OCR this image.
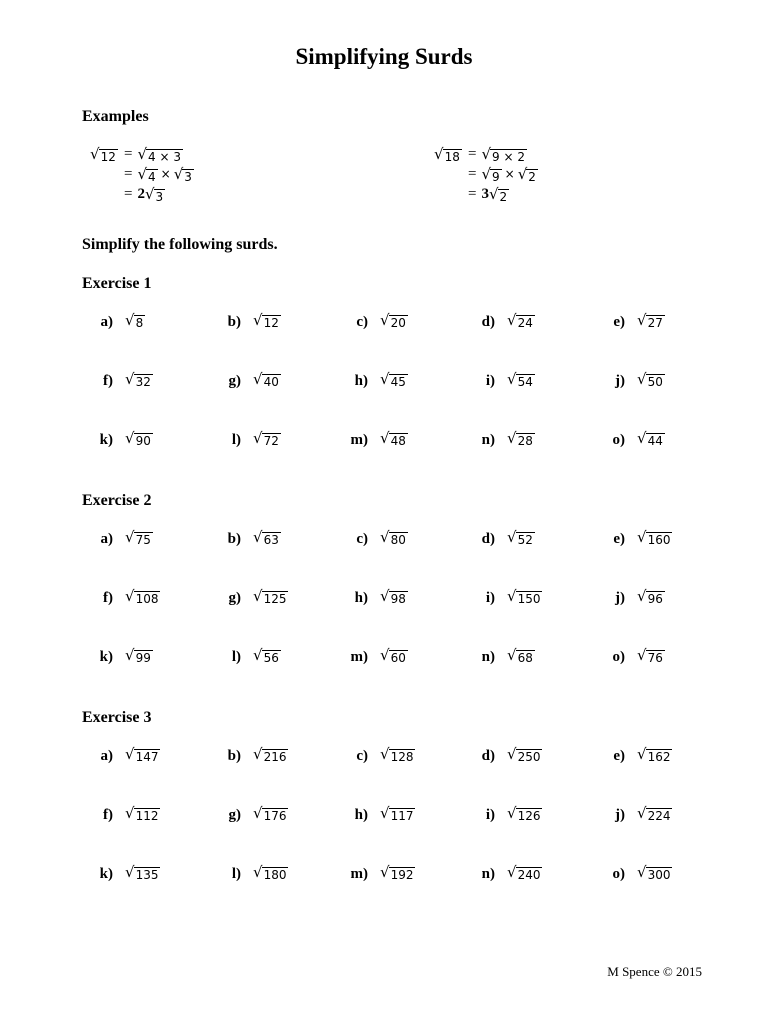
Simplifying Surds
Examples
√ 12 = √ 4 × 3
= √ 4 × √ 3
= 2 √ 3
√ 18 = √ 9 × 2
= √ 9 × √ 2
= 3 √ 2
Simplify the following surds.
Exercise 1
a) √ 8	b) √ 12	c) √ 20	d) √ 24	e) √ 27
f) √ 32	g) √ 40	h) √ 45	i) √ 54	j) √ 50
k) √ 90	l) √ 72	m) √ 48	n) √ 28	o) √ 44
Exercise 2
a) √ 75	b) √ 63	c) √ 80	d) √ 52	e) √ 160
f) √ 108	g) √ 125	h) √ 98	i) √ 150	j) √ 96
k) √ 99	l) √ 56	m) √ 60	n) √ 68	o) √ 76
Exercise 3
a) √ 147	b) √ 216	c) √ 128	d) √ 250	e) √ 162
f) √ 112	g) √ 176	h) √ 117	i) √ 126	j) √ 224
k) √ 135	l) √ 180	m) √ 192	n) √ 240	o) √ 300
M Spence © 2015
